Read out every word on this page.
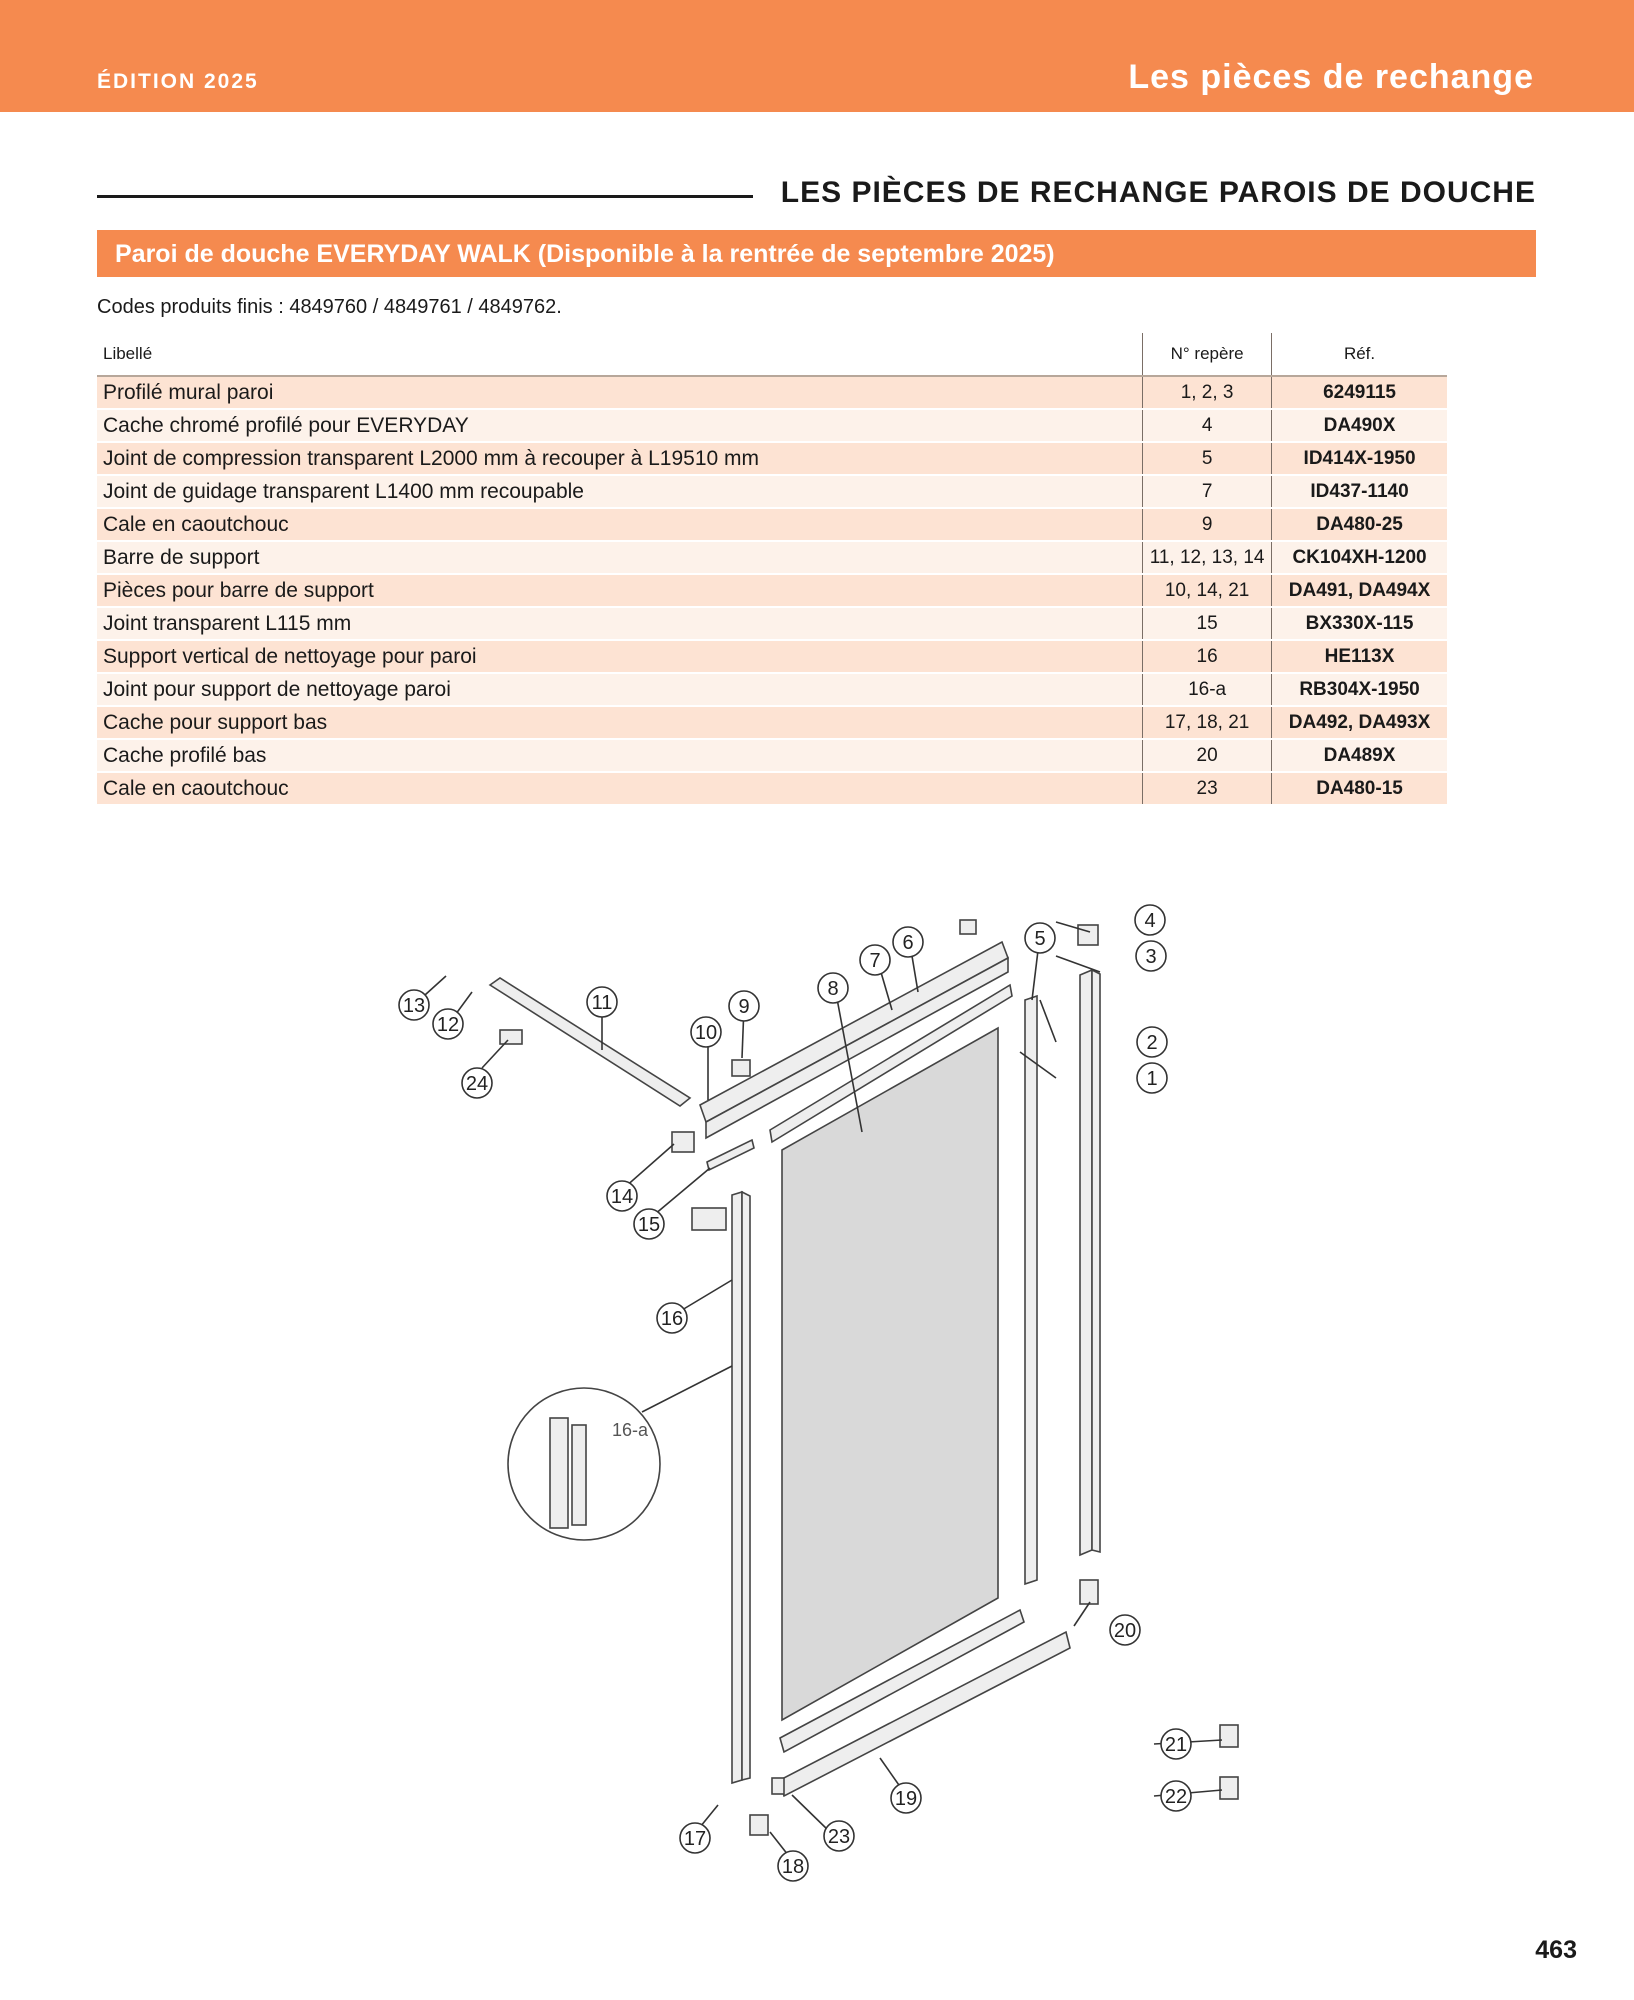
ÉDITION 2025	Les pièces de rechange
LES PIÈCES DE RECHANGE PAROIS DE DOUCHE
Paroi de douche EVERYDAY WALK (Disponible à la rentrée de septembre 2025)
Codes produits finis : 4849760 / 4849761 / 4849762.
Libellé	N° repère	Réf.
Profilé mural paroi	1, 2, 3	6249115
Cache chromé profilé pour EVERYDAY	4	DA490X
Joint de compression transparent L2000 mm à recouper à L19510 mm	5	ID414X-1950
Joint de guidage transparent L1400 mm recoupable	7	ID437-1140
Cale en caoutchouc	9	DA480-25
Barre de support	11, 12, 13, 14	CK104XH-1200
Pièces pour barre de support	10, 14, 21	DA491, DA494X
Joint transparent L115 mm	15	BX330X-115
Support vertical de nettoyage pour paroi	16	HE113X
Joint pour support de nettoyage paroi	16-a	RB304X-1950
Cache pour support bas	17, 18, 21	DA492, DA493X
Cache profilé bas	20	DA489X
Cale en caoutchouc	23	DA480-15
16-a
1
2
3
4
5
6
7
8
9
10
11
12
13
14
15
16
17
18
19
20
21
22
23
24
463
